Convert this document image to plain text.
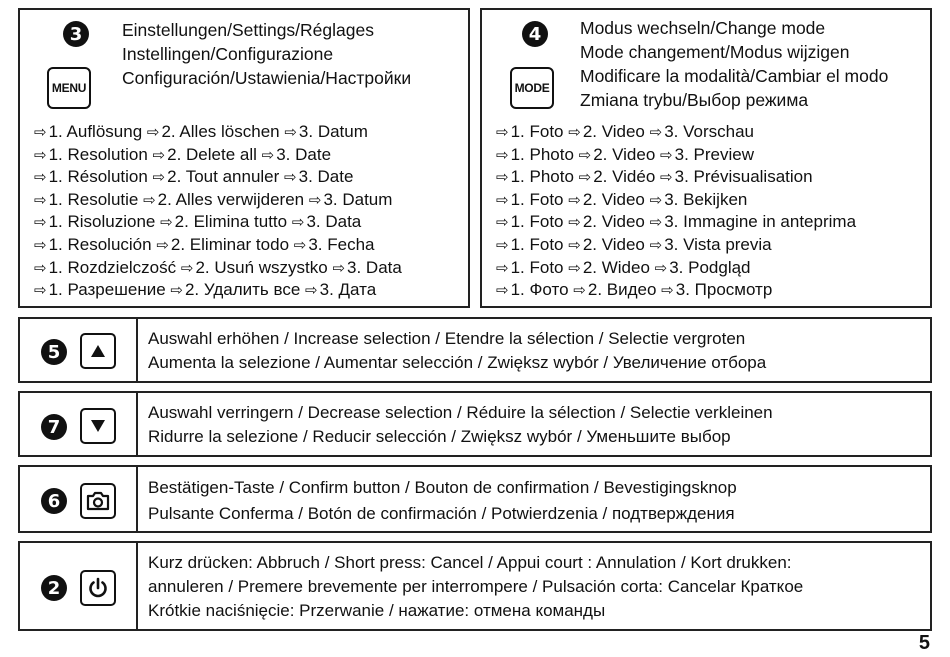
3
MENU
Einstellungen/Settings/Réglages
Instellingen/Configurazione
Configuración/Ustawienia/Настройки
⇨ 1. Auflösung ⇨ 2. Alles löschen ⇨ 3. Datum
⇨ 1. Resolution ⇨ 2. Delete all ⇨ 3. Date
⇨ 1. Résolution ⇨ 2. Tout annuler ⇨ 3. Date
⇨ 1. Resolutie ⇨ 2. Alles verwijderen ⇨ 3. Datum
⇨ 1. Risoluzione ⇨ 2. Elimina tutto ⇨ 3. Data
⇨ 1. Resolución ⇨ 2. Eliminar todo ⇨ 3. Fecha
⇨ 1. Rozdzielczość ⇨ 2. Usuń wszystko ⇨ 3. Data
⇨ 1. Разрешение ⇨ 2. Удалить все ⇨ 3. Дата
4
MODE
Modus wechseln/Change mode
Mode changement/Modus wijzigen
Modificare la modalità/Cambiar el modo
Zmiana trybu/Выбор режима
⇨ 1. Foto ⇨ 2. Video ⇨ 3. Vorschau
⇨ 1. Photo ⇨ 2. Video ⇨ 3. Preview
⇨ 1. Photo ⇨ 2. Vidéo ⇨ 3. Prévisualisation
⇨ 1. Foto ⇨ 2. Video ⇨ 3. Bekijken
⇨ 1. Foto ⇨ 2. Video ⇨ 3. Immagine in anteprima
⇨ 1. Foto ⇨ 2. Video ⇨ 3. Vista previa
⇨ 1. Foto ⇨ 2. Wideo ⇨ 3. Podgląd
⇨ 1. Фото ⇨ 2. Видео ⇨ 3. Просмотр
5
Auswahl erhöhen / Increase selection / Etendre la sélection / Selectie vergroten
Aumenta la selezione / Aumentar selección / Zwiększ wybór / Увеличение отбора
7
Auswahl verringern / Decrease selection / Réduire la sélection / Selectie verkleinen
Ridurre la selezione / Reducir selección / Zwiększ wybór / Уменьшите выбор
6
Bestätigen-Taste / Confirm button / Bouton de confirmation / Bevestigingsknop
Pulsante Conferma / Botón de confirmación / Potwierdzenia / подтверждения
2
Kurz drücken: Abbruch / Short press: Cancel / Appui court : Annulation / Kort drukken:
annuleren / Premere brevemente per interrompere / Pulsación corta: Cancelar Краткое
Krótkie naciśnięcie: Przerwanie / нажатие: отмена команды
5
